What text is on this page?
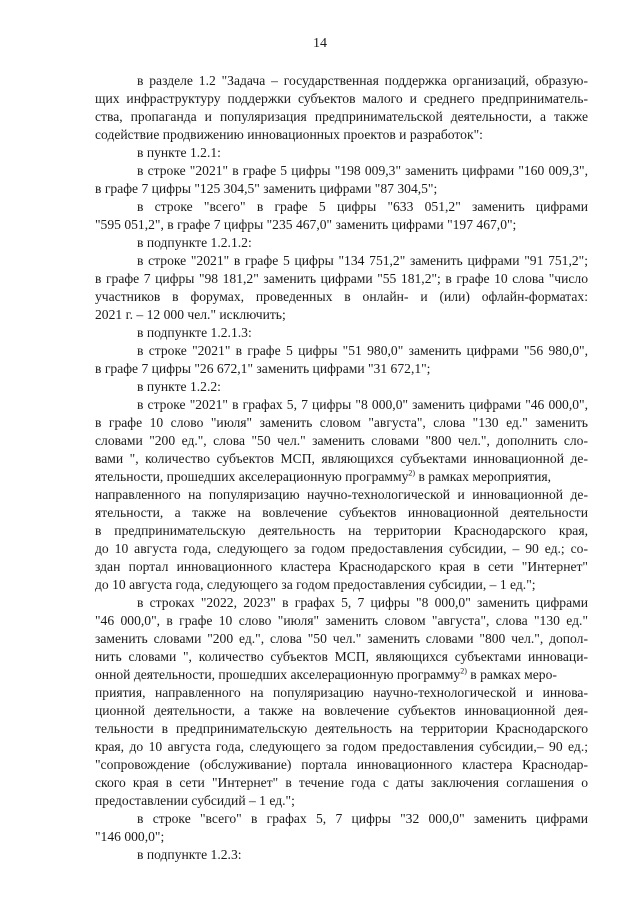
14
в разделе 1.2 "Задача – государственная поддержка организаций, образую-
щих инфраструктуру поддержки субъектов малого и среднего предприниматель-
ства, пропаганда и популяризация предпринимательской деятельности, а также
содействие продвижению инновационных проектов и разработок":
в пункте 1.2.1:
в строке "2021" в графе 5 цифры "198 009,3" заменить цифрами "160 009,3",
в графе 7 цифры "125 304,5" заменить цифрами "87 304,5";
в строке "всего" в графе 5 цифры "633 051,2" заменить цифрами
"595 051,2", в графе 7 цифры "235 467,0" заменить цифрами "197 467,0";
в подпункте 1.2.1.2:
в строке "2021" в графе 5 цифры "134 751,2" заменить цифрами "91 751,2";
в графе 7 цифры "98 181,2" заменить цифрами "55 181,2"; в графе 10 слова "число
участников в форумах, проведенных в онлайн- и (или) офлайн-форматах:
2021 г. – 12 000 чел." исключить;
в подпункте 1.2.1.3:
в строке "2021" в графе 5 цифры "51 980,0" заменить цифрами "56 980,0",
в графе 7 цифры "26 672,1" заменить цифрами "31 672,1";
в пункте 1.2.2:
в строке "2021" в графах 5, 7 цифры "8 000,0" заменить цифрами "46 000,0",
в графе 10 слово "июля" заменить словом "августа", слова "130 ед." заменить
словами "200 ед.", слова "50 чел." заменить словами "800 чел.", дополнить сло-
вами ", количество субъектов МСП, являющихся субъектами инновационной де-
ятельности, прошедших акселерационную программу$^{2)}$ в рамках мероприятия,
направленного на популяризацию научно-технологической и инновационной де-
ятельности, а также на вовлечение субъектов инновационной деятельности
в предпринимательскую деятельность на территории Краснодарского края,
до 10 августа года, следующего за годом предоставления субсидии, – 90 ед.; со-
здан портал инновационного кластера Краснодарского края в сети "Интернет"
до 10 августа года, следующего за годом предоставления субсидии, – 1 ед.";
в строках "2022, 2023" в графах 5, 7 цифры "8 000,0" заменить цифрами
"46 000,0", в графе 10 слово "июля" заменить словом "августа", слова "130 ед."
заменить словами "200 ед.", слова "50 чел." заменить словами "800 чел.", допол-
нить словами ", количество субъектов МСП, являющихся субъектами инноваци-
онной деятельности, прошедших акселерационную программу$^{2)}$ в рамках меро-
приятия, направленного на популяризацию научно-технологической и иннова-
ционной деятельности, а также на вовлечение субъектов инновационной дея-
тельности в предпринимательскую деятельность на территории Краснодарского
края, до 10 августа года, следующего за годом предоставления субсидии,– 90 ед.;
"сопровождение (обслуживание) портала инновационного кластера Краснодар-
ского края в сети "Интернет" в течение года с даты заключения соглашения о
предоставлении субсидий – 1 ед.";
в строке "всего" в графах 5, 7 цифры "32 000,0" заменить цифрами
"146 000,0";
в подпункте 1.2.3:
